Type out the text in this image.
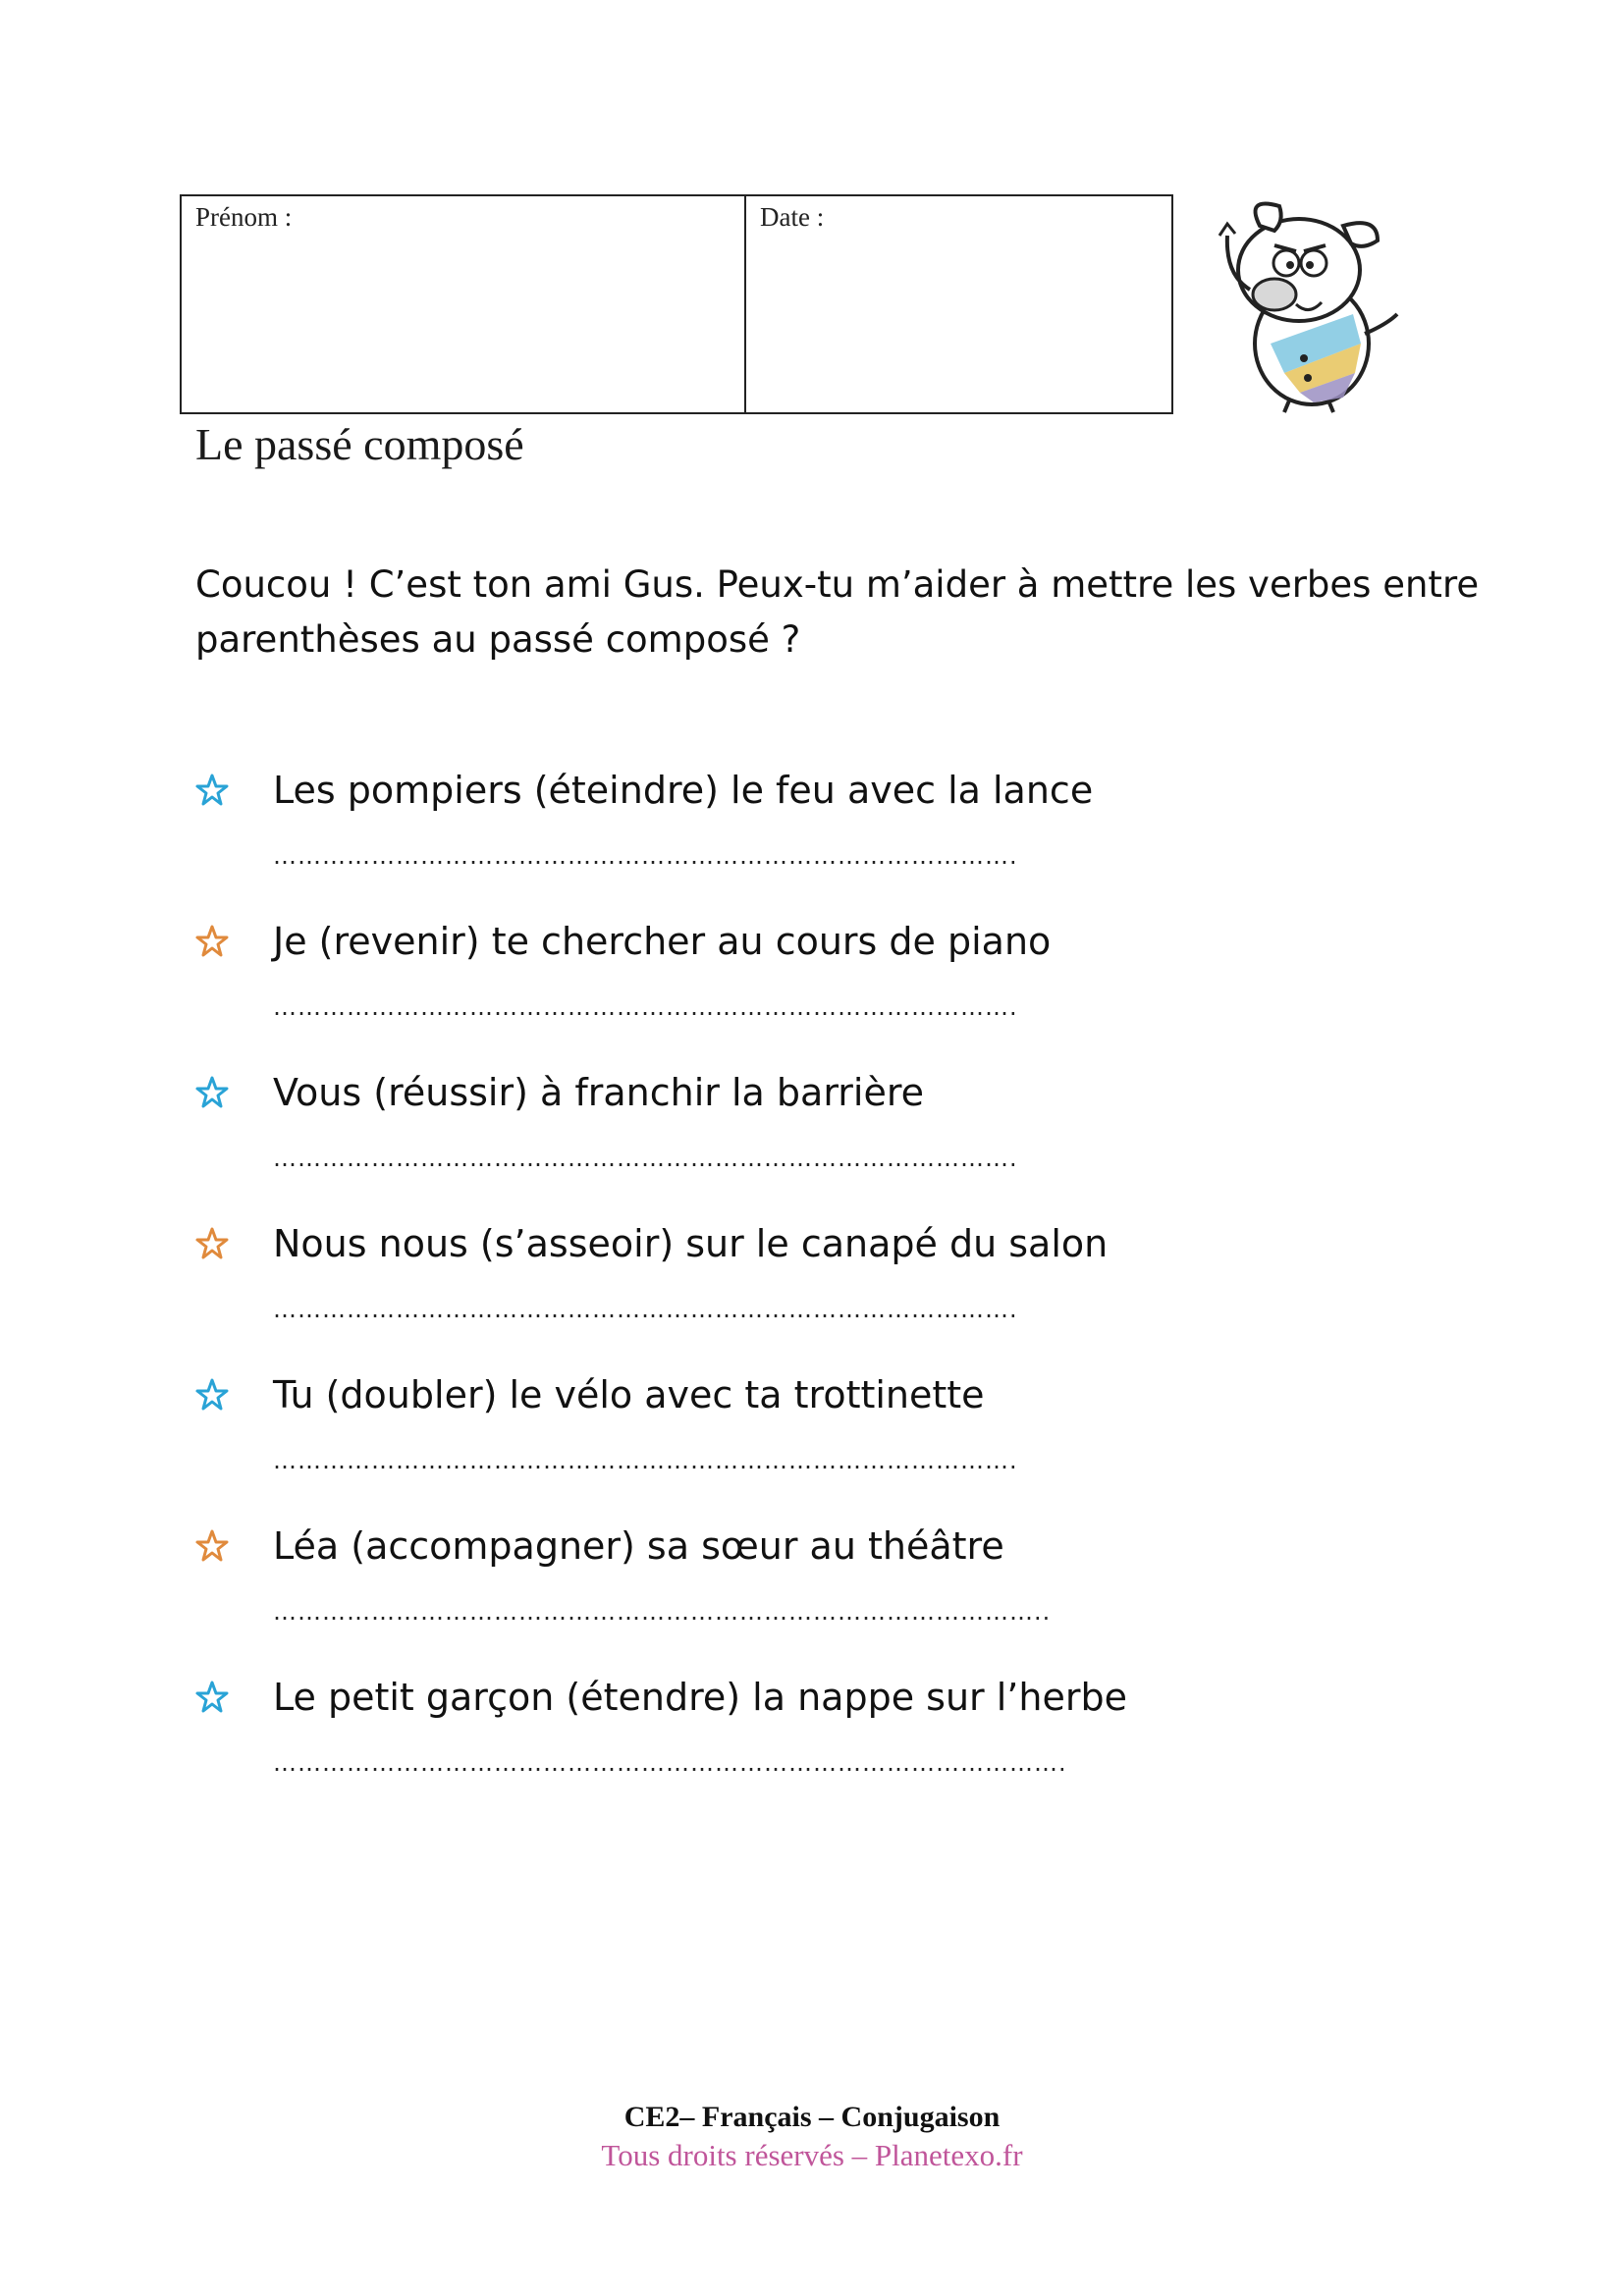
Prénom :	Date :
Le passé composé

Coucou ! C’est ton ami Gus. Peux-tu m’aider à mettre les verbes entre parenthèses au passé composé ?

Les pompiers (éteindre) le feu avec la lance
……………………………………………………………………………….
Je (revenir) te chercher au cours de piano
……………………………………………………………………………….
Vous (réussir) à franchir la barrière
……………………………………………………………………………….
Nous nous (s’asseoir) sur le canapé du salon
……………………………………………………………………………….
Tu (doubler) le vélo avec ta trottinette
……………………………………………………………………………….
Léa (accompagner) sa sœur au théâtre
…………………………………………………………………………………..
Le petit garçon (étendre) la nappe sur l’herbe
…………………………………………………………………………………….
CE2– Français – Conjugaison
Tous droits réservés – Planetexo.fr
